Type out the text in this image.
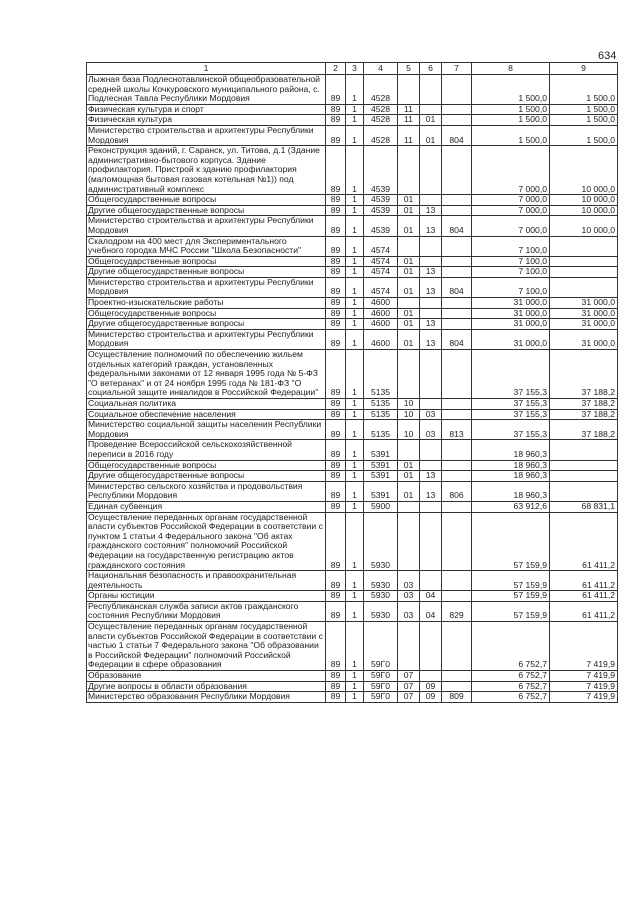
634
1	2	3	4	5	6	7	8	9
Лыжная база Подлеснотавлинской общеобразовательной средней школы Кочкуровского муниципального района, с. Подлесная Тавла Республики Мордовия	89	1	4528				1 500,0	1 500,0
Физическая культура и спорт	89	1	4528	11			1 500,0	1 500,0
Физическая культура	89	1	4528	11	01		1 500,0	1 500,0
Министерство строительства и архитектуры Республики Мордовия	89	1	4528	11	01	804	1 500,0	1 500,0
Реконструкция зданий, г. Саранск, ул. Титова, д.1 (Здание административно-бытового корпуса. Здание профилактория. Пристрой к зданию профилактория (маломощная бытовая газовая котельная №1)) под административный комплекс	89	1	4539				7 000,0	10 000,0
Общегосударственные вопросы	89	1	4539	01			7 000,0	10 000,0
Другие общегосударственные вопросы	89	1	4539	01	13		7 000,0	10 000,0
Министерство строительства и архитектуры Республики Мордовия	89	1	4539	01	13	804	7 000,0	10 000,0
Скалодром на 400 мест для Экспериментального учебного городка МЧС России "Школа Безопасности"	89	1	4574				7 100,0	
Общегосударственные вопросы	89	1	4574	01			7 100,0	
Другие общегосударственные вопросы	89	1	4574	01	13		7 100,0	
Министерство строительства и архитектуры Республики Мордовия	89	1	4574	01	13	804	7 100,0	
Проектно-изыскательские работы	89	1	4600				31 000,0	31 000,0
Общегосударственные вопросы	89	1	4600	01			31 000,0	31 000,0
Другие общегосударственные вопросы	89	1	4600	01	13		31 000,0	31 000,0
Министерство строительства и архитектуры Республики Мордовия	89	1	4600	01	13	804	31 000,0	31 000,0
Осуществление полномочий по обеспечению жильем отдельных категорий граждан, установленных федеральными законами от 12 января 1995 года № 5-ФЗ "О ветеранах" и от 24 ноября 1995 года № 181-ФЗ "О социальной защите инвалидов в Российской Федерации"	89	1	5135				37 155,3	37 188,2
Социальная политика	89	1	5135	10			37 155,3	37 188,2
Социальное обеспечение населения	89	1	5135	10	03		37 155,3	37 188,2
Министерство социальной защиты населения Республики Мордовия	89	1	5135	10	03	813	37 155,3	37 188,2
Проведение Всероссийской сельскохозяйственной переписи в 2016 году	89	1	5391				18 960,3	
Общегосударственные вопросы	89	1	5391	01			18 960,3	
Другие общегосударственные вопросы	89	1	5391	01	13		18 960,3	
Министерство сельского хозяйства и продовольствия Республики Мордовия	89	1	5391	01	13	806	18 960,3	
Единая субвенция	89	1	5900				63 912,6	68 831,1
Осуществление переданных органам государственной власти субъектов Российской Федерации в соответствии с пунктом 1 статьи 4 Федерального закона "Об актах гражданского состояния" полномочий Российской Федерации на государственную регистрацию актов гражданского состояния	89	1	5930				57 159,9	61 411,2
Национальная безопасность и правоохранительная деятельность	89	1	5930	03			57 159,9	61 411,2
Органы юстиции	89	1	5930	03	04		57 159,9	61 411,2
Республиканская служба записи актов гражданского состояния Республики Мордовия	89	1	5930	03	04	829	57 159,9	61 411,2
Осуществление переданных органам государственной власти субъектов Российской Федерации в соответствии с частью 1 статьи 7 Федерального закона "Об образовании в Российской Федерации" полномочий Российской Федерации в сфере образования	89	1	59Г0				6 752,7	7 419,9
Образование	89	1	59Г0	07			6 752,7	7 419,9
Другие вопросы в области образования	89	1	59Г0	07	09		6 752,7	7 419,9
Министерство образования Республики Мордовия	89	1	59Г0	07	09	809	6 752,7	7 419,9
